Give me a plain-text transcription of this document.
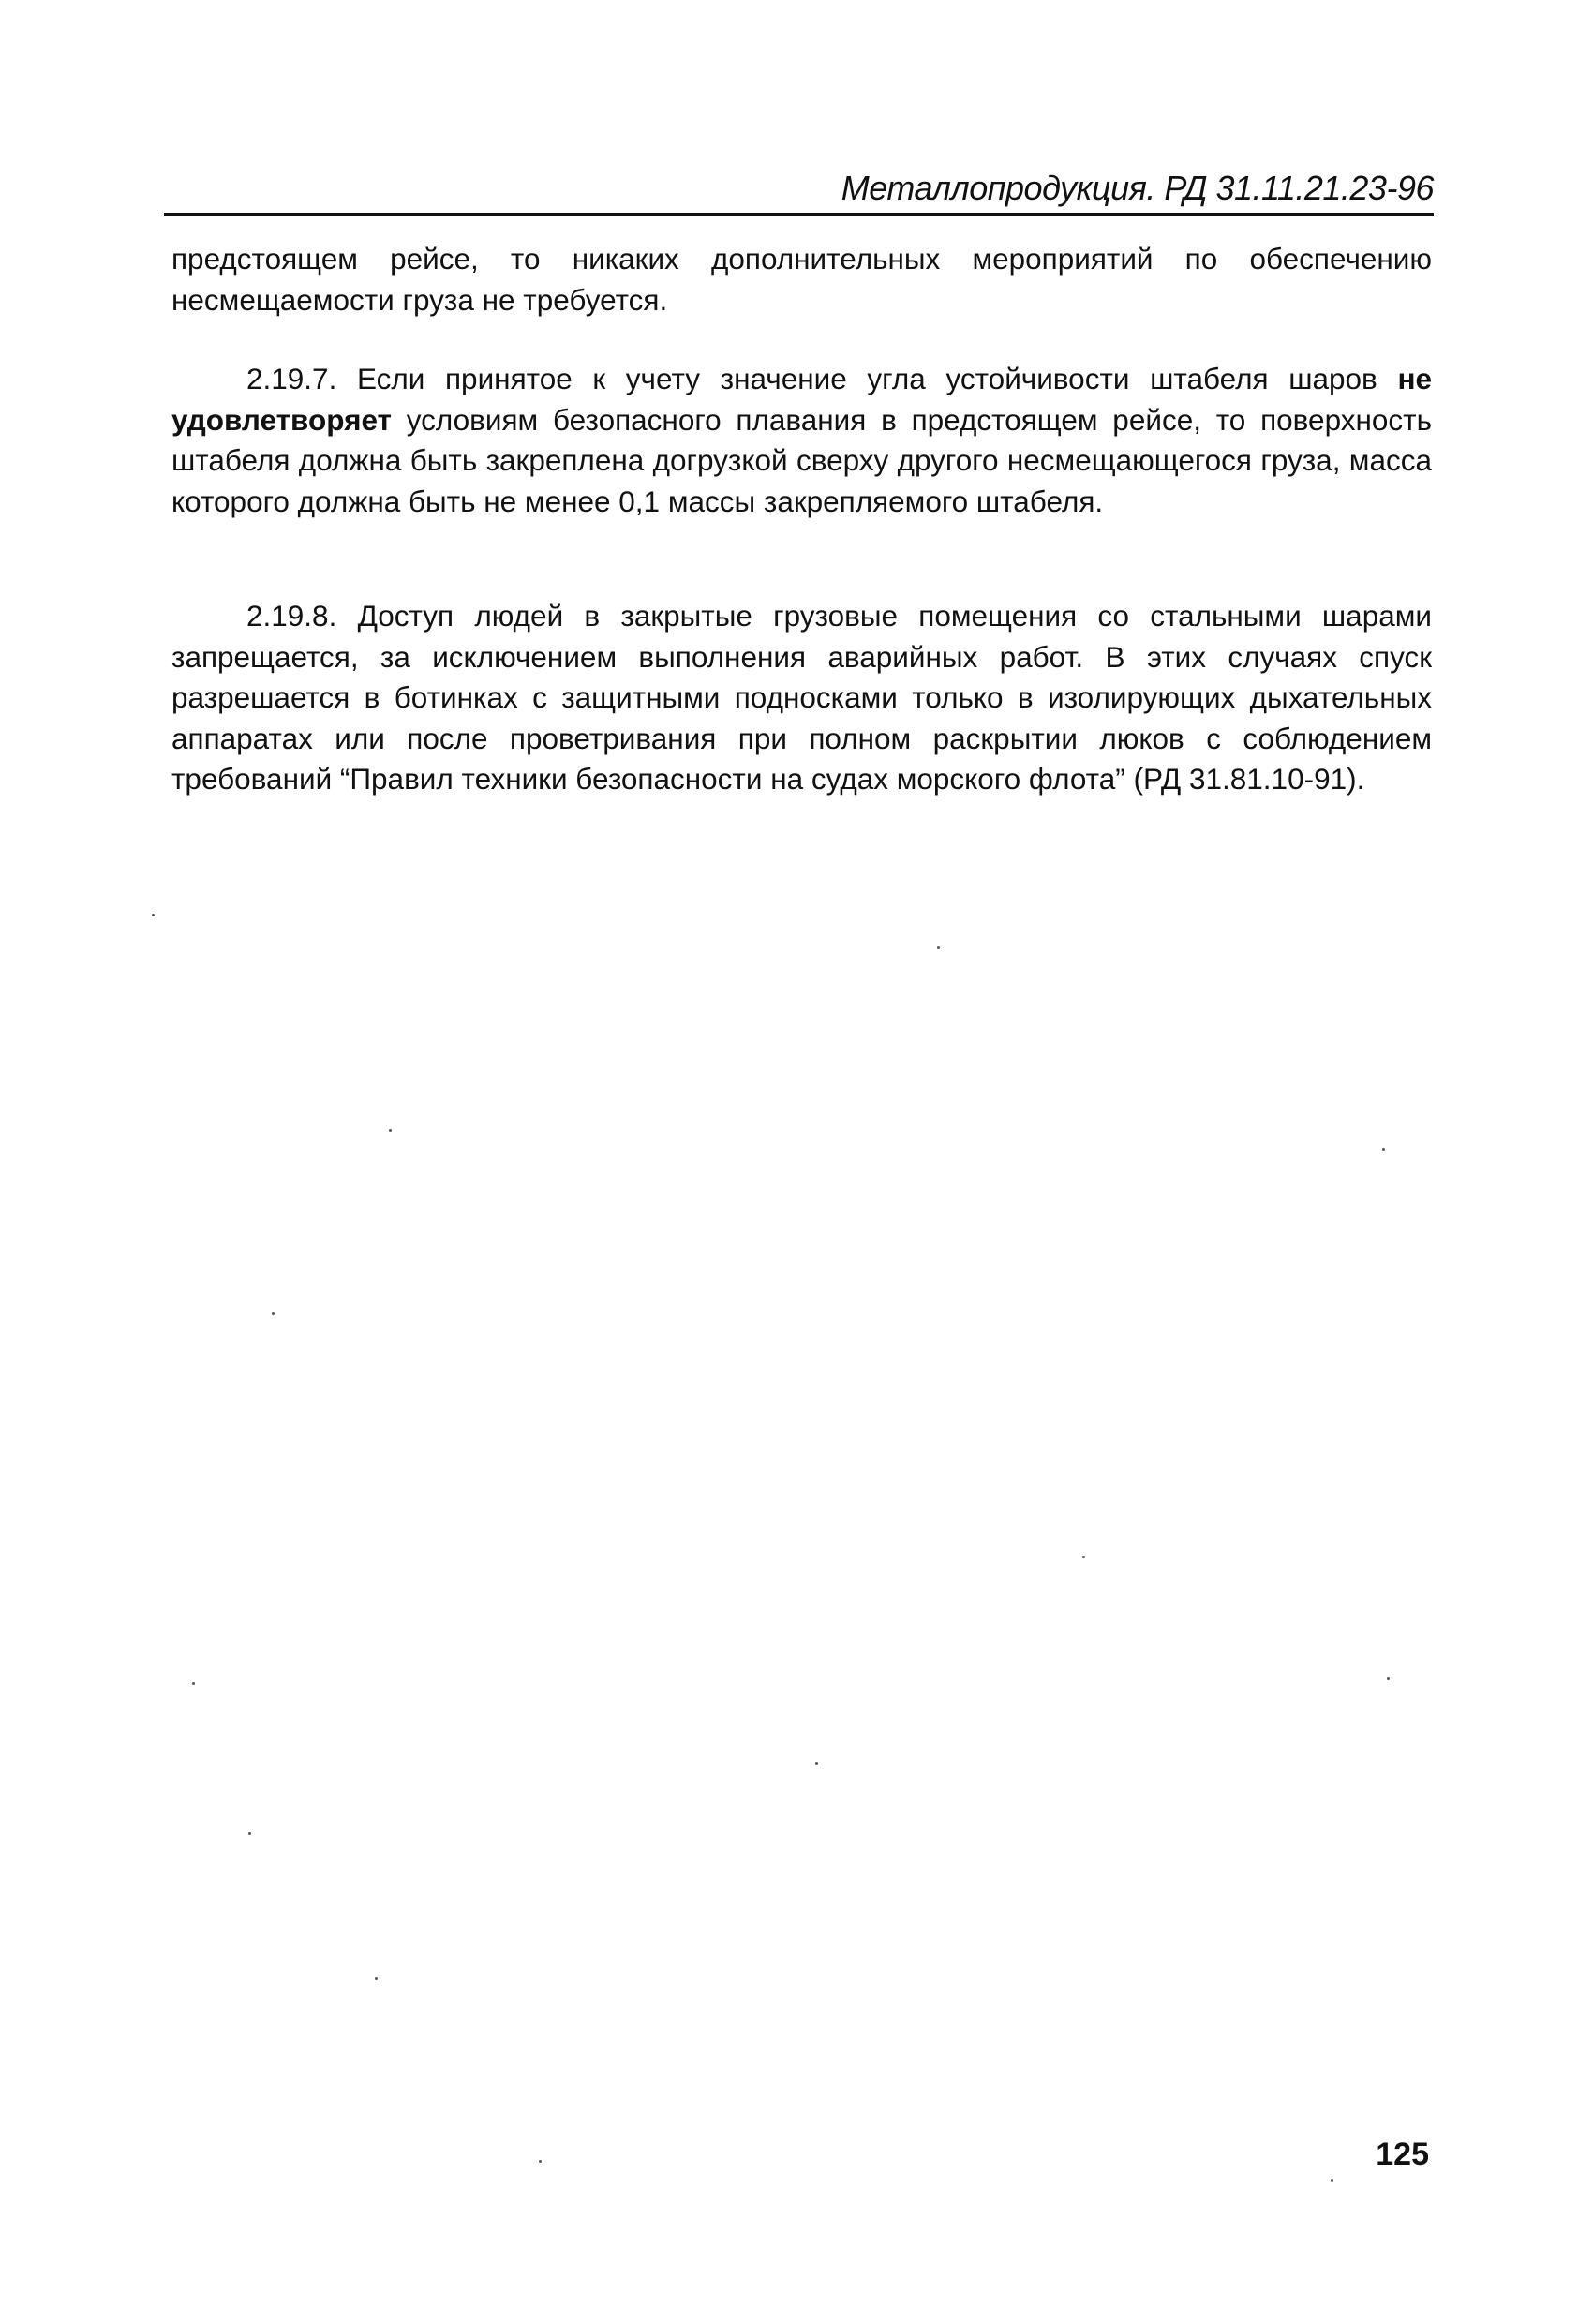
Металлопродукция. РД 31.11.21.23-96

предстоящем рейсе, то никаких дополнительных мероприятий по обеспечению несмещаемости груза не требуется.

2.19.7. Если принятое к учету значение угла устойчивости штабеля шаров не удовлетворяет условиям безопасного плавания в предстоящем рейсе, то поверхность штабеля должна быть закреплена догрузкой сверху другого несмещающегося груза, масса которого должна быть не менее 0,1 массы закрепляемого штабеля.

2.19.8. Доступ людей в закрытые грузовые помещения со стальными шарами запрещается, за исключением выполнения аварийных работ. В этих случаях спуск разрешается в ботинках с защитными подносками только в изолирующих дыхательных аппаратах или после проветривания при полном раскрытии люков с соблюдением требований “Правил техники безопасности на судах морского флота” (РД 31.81.10-91).

125
